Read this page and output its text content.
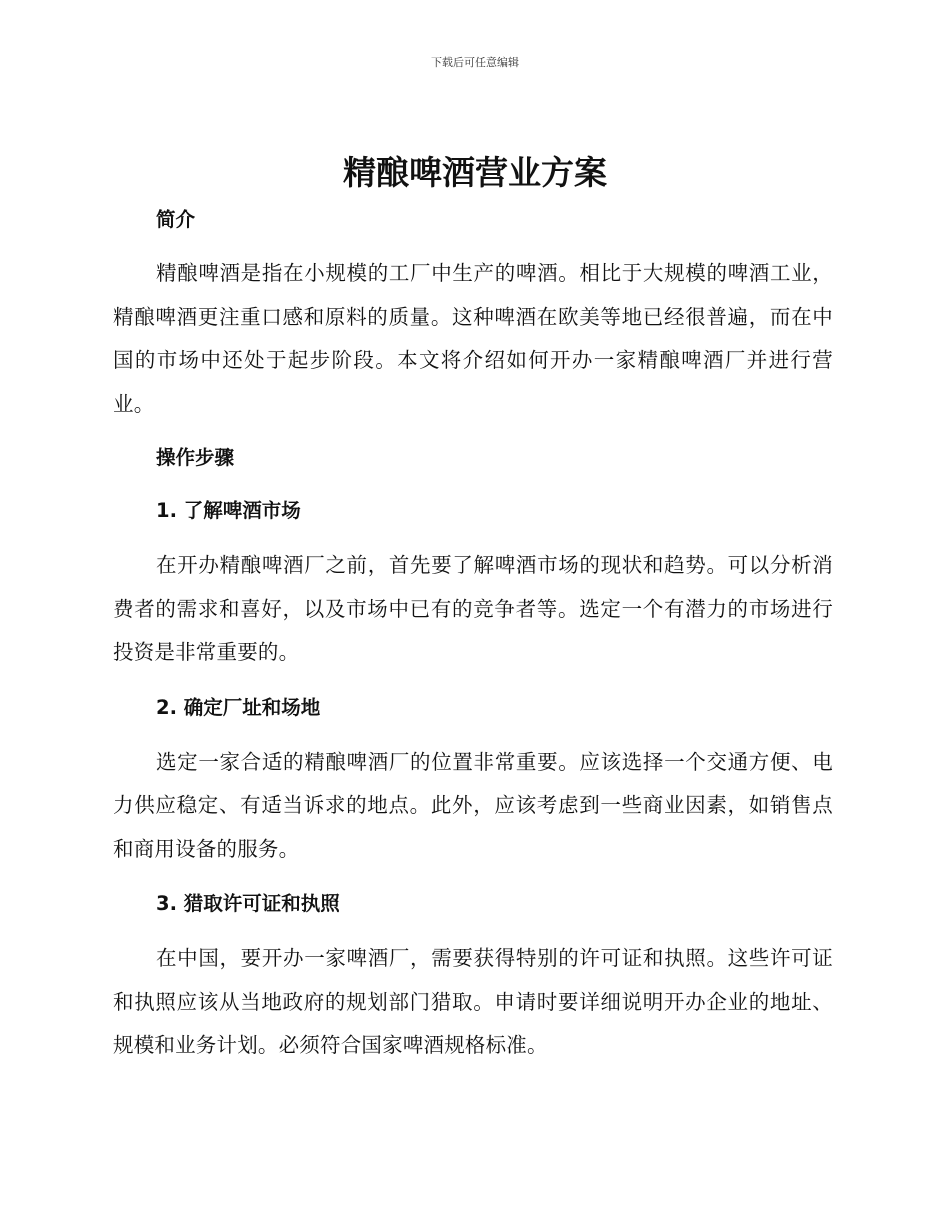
下载后可任意编辑
精酿啤酒营业方案
简介

精酿啤酒是指在小规模的工厂中生产的啤酒。相比于大规模的啤酒工业，精酿啤酒更注重口感和原料的质量。这种啤酒在欧美等地已经很普遍，而在中国的市场中还处于起步阶段。本文将介绍如何开办一家精酿啤酒厂并进行营业。

操作步骤
1. 了解啤酒市场

在开办精酿啤酒厂之前，首先要了解啤酒市场的现状和趋势。可以分析消费者的需求和喜好，以及市场中已有的竞争者等。选定一个有潜力的市场进行投资是非常重要的。

2. 确定厂址和场地

选定一家合适的精酿啤酒厂的位置非常重要。应该选择一个交通方便、电力供应稳定、有适当诉求的地点。此外，应该考虑到一些商业因素，如销售点和商用设备的服务。

3. 猎取许可证和执照

在中国，要开办一家啤酒厂，需要获得特别的许可证和执照。这些许可证和执照应该从当地政府的规划部门猎取。申请时要详细说明开办企业的地址、规模和业务计划。必须符合国家啤酒规格标准。
